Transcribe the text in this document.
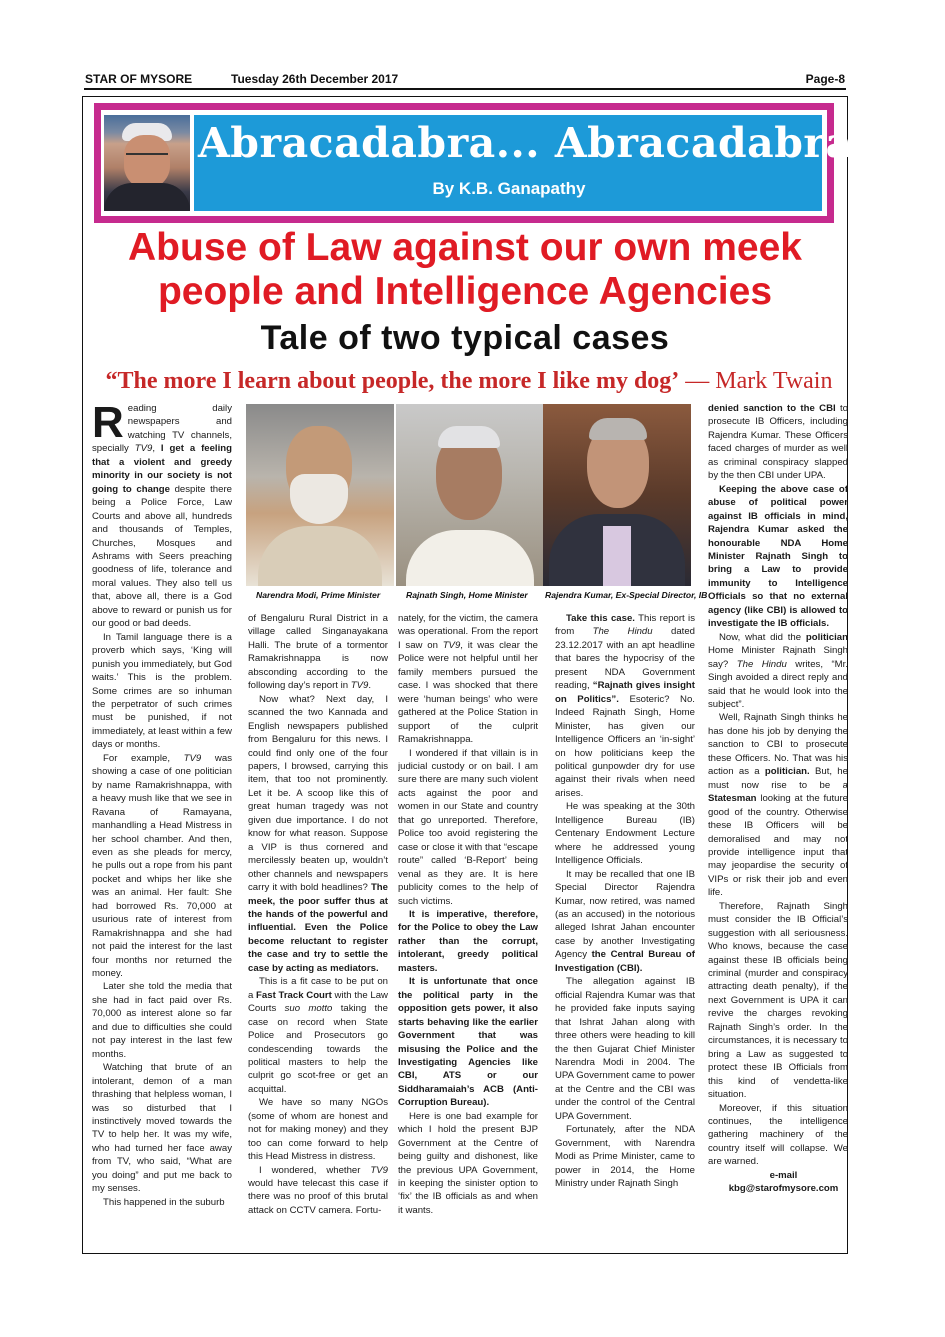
STAR OF MYSORE	Tuesday 26th December 2017	Page-8
Abracadabra... Abracadabra...
By K.B. Ganapathy
Abuse of Law against our own meek people and Intelligence Agencies
Tale of two typical cases
“The more I learn about people, the more I like my dog’ — Mark Twain
Narendra Modi, Prime Minister	Rajnath Singh, Home Minister Rajendra Kumar, Ex-Special Director, IB

Reading daily newspapers and watching TV channels, specially TV9, I get a feeling that a violent and greedy minority in our society is not going to change despite there being a Police Force, Law Courts and above all, hundreds and thousands of Temples, Churches, Mosques and Ashrams with Seers preaching goodness of life, tolerance and moral values. They also tell us that, above all, there is a God above to reward or punish us for our good or bad deeds.

In Tamil language there is a proverb which says, ‘King will punish you immediately, but God waits.’ This is the problem. Some crimes are so inhuman the perpetrator of such crimes must be punished, if not immediately, at least within a few days or months.

For example, TV9 was showing a case of one politician by name Ramakrishnappa, with a heavy mush like that we see in Ravana of Ramayana, manhandling a Head Mistress in her school chamber. And then, even as she pleads for mercy, he pulls out a rope from his pant pocket and whips her like she was an animal. Her fault: She had borrowed Rs. 70,000 at usurious rate of interest from Ramakrishnappa and she had not paid the interest for the last four months nor returned the money.

Later she told the media that she had in fact paid over Rs. 70,000 as interest alone so far and due to difficulties she could not pay interest in the last few months.

Watching that brute of an intolerant, demon of a man thrashing that helpless woman, I was so disturbed that I instinctively moved towards the TV to help her. It was my wife, who had turned her face away from TV, who said, “What are you doing” and put me back to my senses.

This happened in the suburb

of Bengaluru Rural District in a village called Singanayakana Halli. The brute of a tormentor Ramakrishnappa is now absconding according to the following day’s report in TV9.

Now what? Next day, I scanned the two Kannada and English newspapers published from Bengaluru for this news. I could find only one of the four papers, I browsed, carrying this item, that too not prominently. Let it be. A scoop like this of great human tragedy was not given due importance. I do not know for what reason. Suppose a VIP is thus cornered and mercilessly beaten up, wouldn’t other channels and newspapers carry it with bold headlines? The meek, the poor suffer thus at the hands of the powerful and influential. Even the Police become reluctant to register the case and try to settle the case by acting as mediators.

This is a fit case to be put on a Fast Track Court with the Law Courts suo motto taking the case on record when State Police and Prosecutors go condescending towards the political masters to help the culprit go scot-free or get an acquittal.

We have so many NGOs (some of whom are honest and not for making money) and they too can come forward to help this Head Mistress in distress.

I wondered, whether TV9 would have telecast this case if there was no proof of this brutal attack on CCTV camera. Fortu-

nately, for the victim, the camera was operational. From the report I saw on TV9, it was clear the Police were not helpful until her family members pursued the case. I was shocked that there were ‘human beings’ who were gathered at the Police Station in support of the culprit Ramakrishnappa.

I wondered if that villain is in judicial custody or on bail. I am sure there are many such violent acts against the poor and women in our State and country that go unreported. Therefore, Police too avoid registering the case or close it with that “escape route” called ‘B-Report’ being venal as they are. It is here publicity comes to the help of such victims.

It is imperative, therefore, for the Police to obey the Law rather than the corrupt, intolerant, greedy political masters.

It is unfortunate that once the political party in the opposition gets power, it also starts behaving like the earlier Government that was misusing the Police and the Investigating Agencies like CBI, ATS or our Siddharamaiah’s ACB (Anti-Corruption Bureau).

Here is one bad example for which I hold the present BJP Government at the Centre of being guilty and dishonest, like the previous UPA Government, in keeping the sinister option to ‘fix’ the IB officials as and when it wants.

Take this case. This report is from The Hindu dated 23.12.2017 with an apt headline that bares the hypocrisy of the present NDA Government reading, “Rajnath gives insight on Politics”. Esoteric? No. Indeed Rajnath Singh, Home Minister, has given our Intelligence Officers an ‘in-sight’ on how politicians keep the political gunpowder dry for use against their rivals when need arises.

He was speaking at the 30th Intelligence Bureau (IB) Centenary Endowment Lecture where he addressed young Intelligence Officials.

It may be recalled that one IB Special Director Rajendra Kumar, now retired, was named (as an accused) in the notorious alleged Ishrat Jahan encounter case by another Investigating Agency the Central Bureau of Investigation (CBI).

The allegation against IB official Rajendra Kumar was that he provided fake inputs saying that Ishrat Jahan along with three others were heading to kill the then Gujarat Chief Minister Narendra Modi in 2004. The UPA Government came to power at the Centre and the CBI was under the control of the Central UPA Government.

Fortunately, after the NDA Government, with Narendra Modi as Prime Minister, came to power in 2014, the Home Ministry under Rajnath Singh

denied sanction to the CBI to prosecute IB Officers, including Rajendra Kumar. These Officers faced charges of murder as well as criminal conspiracy slapped by the then CBI under UPA.

Keeping the above case of abuse of political power against IB officials in mind, Rajendra Kumar asked the honourable NDA Home Minister Rajnath Singh to bring a Law to provide immunity to Intelligence Officials so that no external agency (like CBI) is allowed to investigate the IB officials.

Now, what did the politician Home Minister Rajnath Singh say? The Hindu writes, “Mr. Singh avoided a direct reply and said that he would look into the subject”.

Well, Rajnath Singh thinks he has done his job by denying the sanction to CBI to prosecute these Officers. No. That was his action as a politician. But, he must now rise to be a Statesman looking at the future good of the country. Otherwise these IB Officers will be demoralised and may not provide intelligence input that may jeopardise the security of VIPs or risk their job and even life.

Therefore, Rajnath Singh must consider the IB Official’s suggestion with all seriousness. Who knows, because the case against these IB officials being criminal (murder and conspiracy attracting death penalty), if the next Government is UPA it can revive the charges revoking Rajnath Singh’s order. In the circumstances, it is necessary to bring a Law as suggested to protect these IB Officials from this kind of vendetta-like situation.

Moreover, if this situation continues, the intelligence gathering machinery of the country itself will collapse. We are warned.

e-mail

kbg@starofmysore.com
